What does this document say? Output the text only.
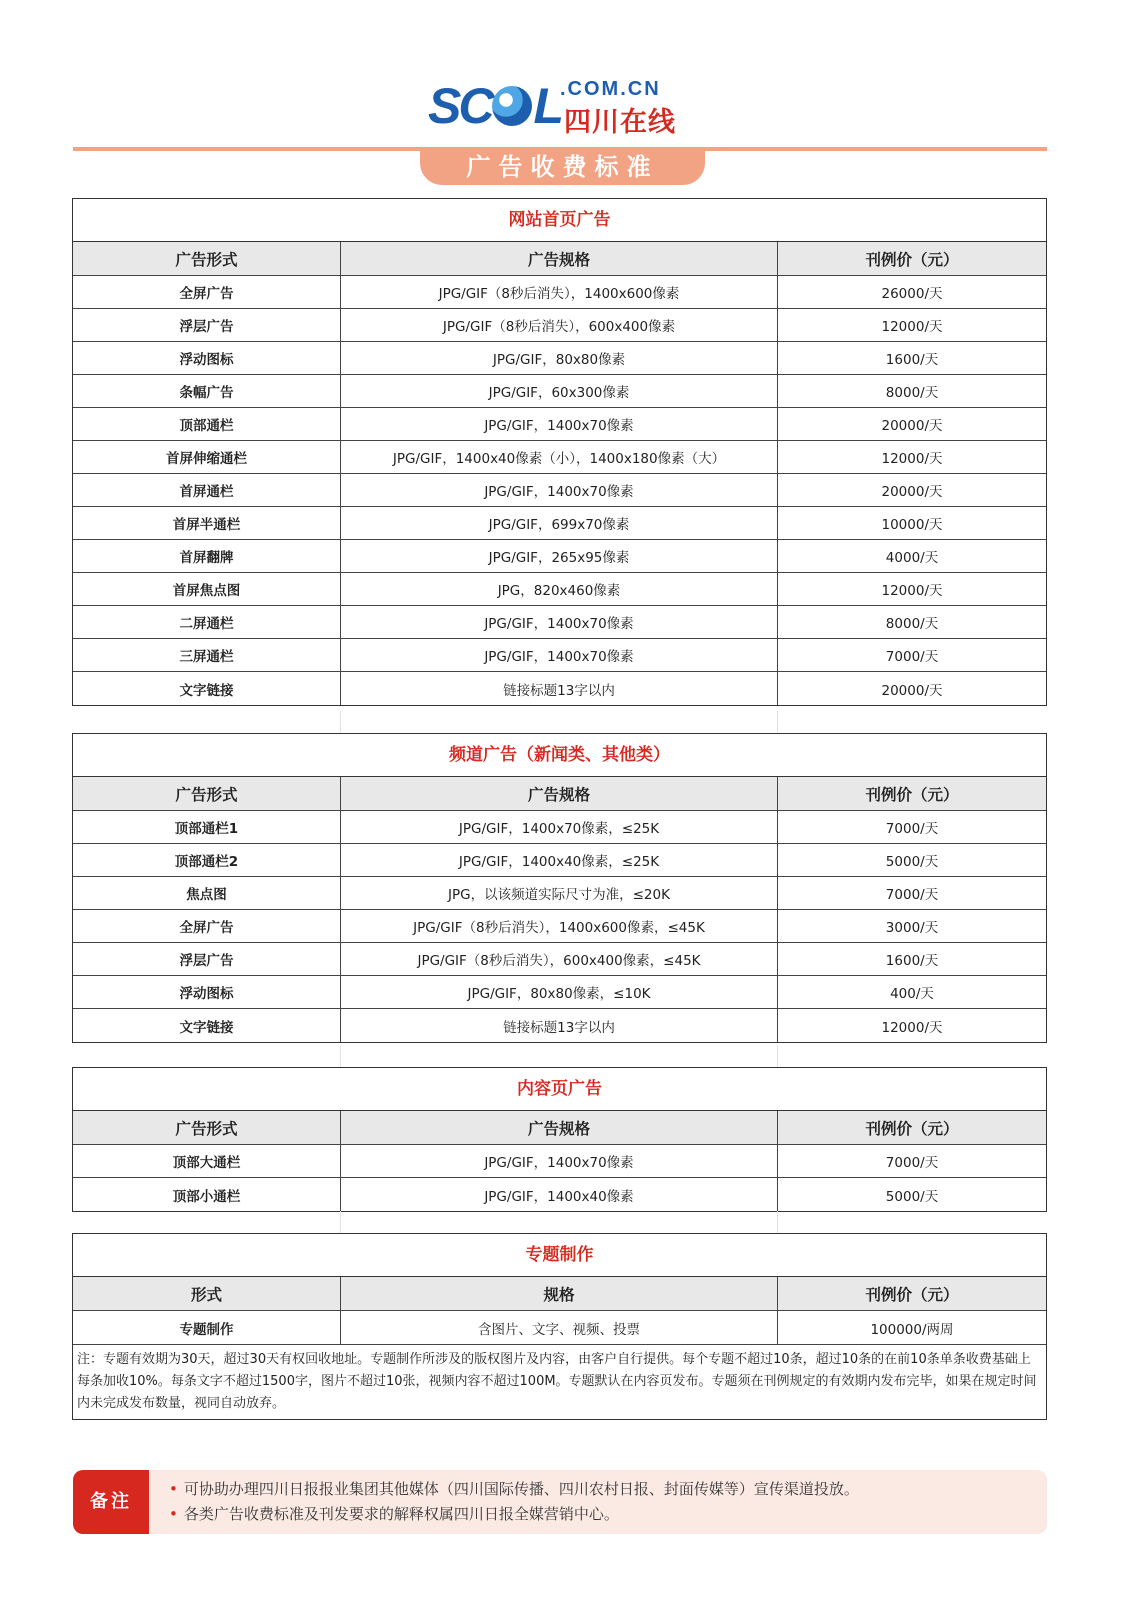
SC L
.COM.CN
四川在线
广告收费标准
网站首页广告
广告形式	广告规格	刊例价（元）
全屏广告	JPG/GIF（8秒后消失），1400x600像素	26000/天
浮层广告	JPG/GIF（8秒后消失），600x400像素	12000/天
浮动图标	JPG/GIF，80x80像素	1600/天
条幅广告	JPG/GIF，60x300像素	8000/天
顶部通栏	JPG/GIF，1400x70像素	20000/天
首屏伸缩通栏	JPG/GIF，1400x40像素（小），1400x180像素（大）	12000/天
首屏通栏	JPG/GIF，1400x70像素	20000/天
首屏半通栏	JPG/GIF，699x70像素	10000/天
首屏翻牌	JPG/GIF，265x95像素	4000/天
首屏焦点图	JPG，820x460像素	12000/天
二屏通栏	JPG/GIF，1400x70像素	8000/天
三屏通栏	JPG/GIF，1400x70像素	7000/天
文字链接	链接标题13字以内	20000/天
频道广告（新闻类、其他类）
广告形式	广告规格	刊例价（元）
顶部通栏1	JPG/GIF，1400x70像素，≤25K	7000/天
顶部通栏2	JPG/GIF，1400x40像素，≤25K	5000/天
焦点图	JPG，以该频道实际尺寸为准，≤20K	7000/天
全屏广告	JPG/GIF（8秒后消失），1400x600像素，≤45K	3000/天
浮层广告	JPG/GIF（8秒后消失），600x400像素，≤45K	1600/天
浮动图标	JPG/GIF，80x80像素，≤10K	400/天
文字链接	链接标题13字以内	12000/天
内容页广告
广告形式	广告规格	刊例价（元）
顶部大通栏	JPG/GIF，1400x70像素	7000/天
顶部小通栏	JPG/GIF，1400x40像素	5000/天
专题制作
形式	规格	刊例价（元）
专题制作	含图片、文字、视频、投票	100000/两周
注：专题有效期为30天，超过30天有权回收地址。专题制作所涉及的版权图片及内容，由客户自行提供。每个专题不超过10条，超过10条的在前10条单条收费基础上每条加收10%。每条文字不超过1500字，图片不超过10张，视频内容不超过100M。专题默认在内容页发布。专题须在刊例规定的有效期内发布完毕，如果在规定时间内未完成发布数量，视同自动放弃。
备注
• 可协助办理四川日报报业集团其他媒体（四川国际传播、四川农村日报、封面传媒等）宣传渠道投放。
• 各类广告收费标准及刊发要求的解释权属四川日报全媒营销中心。
